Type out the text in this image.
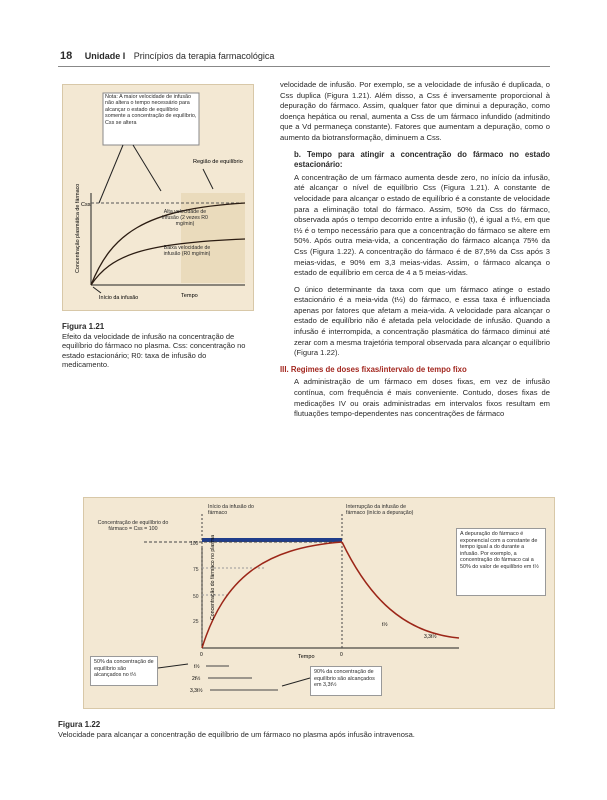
18 Unidade I Princípios da terapia farmacológica
Nota: A maior velocidade de infusão não altera o tempo necessário para alcançar o estado de equilíbrio somente a concentração de equilíbrio, Css se altera
Região de equilíbrio
Css
Alta velocidade de infusão (2 vezes R0 mg/min)
Baixa velocidade de infusão (R0 mg/min)
Concentração plasmática de fármaco
Tempo
Início da infusão
Figura 1.21
Efeito da velocidade de infusão na concentração de equilíbrio do fármaco no plasma. Css: concentração no estado estacionário; R0: taxa de infusão do medicamento.

velocidade de infusão. Por exemplo, se a velocidade de infusão é duplicada, o Css duplica (Figura 1.21). Além disso, a Css é inversamente proporcional à depuração do fármaco. Assim, qualquer fator que diminui a depuração, como doença hepática ou renal, aumenta a Css de um fármaco infundido (admitindo que a Vd permaneça constante). Fatores que aumentam a depuração, como o aumento da biotransformação, diminuem a Css.

b. Tempo para atingir a concentração do fármaco no estado estacionário:

A concentração de um fármaco aumenta desde zero, no início da infusão, até alcançar o nível de equilíbrio Css (Figura 1.21). A constante de velocidade para alcançar o estado de equilíbrio é a constante de velocidade para a eliminação total do fármaco. Assim, 50% da Css do fármaco, observada após o tempo decorrido entre a infusão (t), é igual a t½, em que t½ é o tempo necessário para que a concentração do fármaco se altere em 50%. Após outra meia-vida, a concentração do fármaco alcança 75% da Css (Figura 1.22). A concentração do fármaco é de 87,5% da Css após 3 meias-vidas, e 90% em 3,3 meias-vidas. Assim, o fármaco alcança o estado de equilíbrio em cerca de 4 a 5 meias-vidas.

O único determinante da taxa com que um fármaco atinge o estado estacionário é a meia-vida (t½) do fármaco, e essa taxa é influenciada apenas por fatores que afetam a meia-vida. A velocidade para alcançar o estado de equilíbrio não é afetada pela velocidade de infusão. Quando a infusão é interrompida, a concentração plasmática do fármaco diminui até zerar com a mesma trajetória temporal observada para alcançar o equilíbrio (Figura 1.22).

III. Regimes de doses fixas/intervalo de tempo fixo

A administração de um fármaco em doses fixas, em vez de infusão contínua, com frequência é mais conveniente. Contudo, doses fixas de medicações IV ou orais administradas em intervalos fixos resultam em flutuações tempo-dependentes nas concentrações de fármaco

100
75
50
25
0	0
Tempo
Concentração do fármaco no plasma
t½
2t½
3,3t½
t½
3,3t½
Concentração de equilíbrio do fármaco = Css = 100
Início da infusão do fármaco
Interrupção da infusão de fármaco (início a depuração)
A depuração do fármaco é exponencial com a constante de tempo igual a do durante a infusão. Por exemplo, a concentração do fármaco cai a 50% do valor de equilíbrio em t½
50% da concentração de equilíbrio são alcançados no t½
90% da concentração de equilíbrio são alcançados em 3,3t½
Figura 1.22
Velocidade para alcançar a concentração de equilíbrio de um fármaco no plasma após infusão intravenosa.
